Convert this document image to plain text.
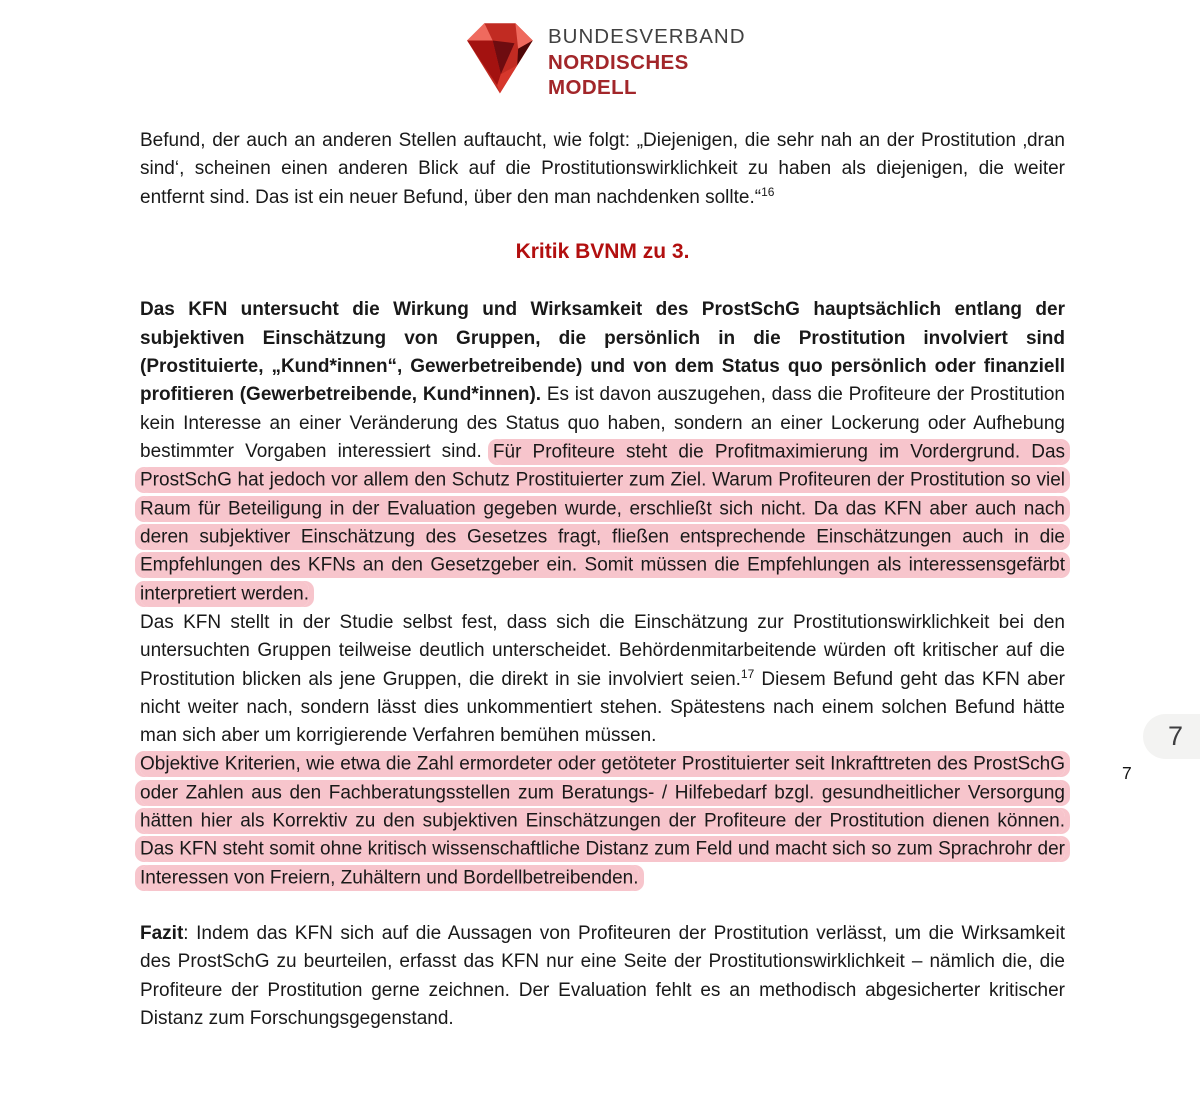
BUNDESVERBAND
NORDISCHES
MODELL

Befund, der auch an anderen Stellen auftaucht, wie folgt: „Diejenigen, die sehr nah an der Prostitution ‚dran sind‘, scheinen einen anderen Blick auf die Prostitutionswirklichkeit zu haben als diejenigen, die weiter entfernt sind. Das ist ein neuer Befund, über den man nachdenken sollte.“$^{16}$

Kritik BVNM zu 3.

Das KFN untersucht die Wirkung und Wirksamkeit des ProstSchG hauptsächlich entlang der subjektiven Einschätzung von Gruppen, die persönlich in die Prostitution involviert sind (Prostituierte, „Kund*innen“, Gewerbetreibende) und von dem Status quo persönlich oder finanziell profitieren (Gewerbetreibende, Kund*innen). Es ist davon auszugehen, dass die Profiteure der Prostitution kein Interesse an einer Veränderung des Status quo haben, sondern an einer Lockerung oder Aufhebung bestimmter Vorgaben interessiert sind. Für Profiteure steht die Profitmaximierung im Vordergrund. Das ProstSchG hat jedoch vor allem den Schutz Prostituierter zum Ziel. Warum Profiteuren der Prostitution so viel Raum für Beteiligung in der Evaluation gegeben wurde, erschließt sich nicht. Da das KFN aber auch nach deren subjektiver Einschätzung des Gesetzes fragt, fließen entsprechende Einschätzungen auch in die Empfehlungen des KFNs an den Gesetzgeber ein. Somit müssen die Empfehlungen als interessensgefärbt interpretiert werden.

Das KFN stellt in der Studie selbst fest, dass sich die Einschätzung zur Prostitutionswirklichkeit bei den untersuchten Gruppen teilweise deutlich unterscheidet. Behördenmitarbeitende würden oft kritischer auf die Prostitution blicken als jene Gruppen, die direkt in sie involviert seien.$^{17}$ Diesem Befund geht das KFN aber nicht weiter nach, sondern lässt dies unkommentiert stehen. Spätestens nach einem solchen Befund hätte man sich aber um korrigierende Verfahren bemühen müssen.

Objektive Kriterien, wie etwa die Zahl ermordeter oder getöteter Prostituierter seit Inkrafttreten des ProstSchG oder Zahlen aus den Fachberatungsstellen zum Beratungs- / Hilfebedarf bzgl. gesundheitlicher Versorgung hätten hier als Korrektiv zu den subjektiven Einschätzungen der Profiteure der Prostitution dienen können. Das KFN steht somit ohne kritisch wissenschaftliche Distanz zum Feld und macht sich so zum Sprachrohr der Interessen von Freiern, Zuhältern und Bordellbetreibenden.

Fazit: Indem das KFN sich auf die Aussagen von Profiteuren der Prostitution verlässt, um die Wirksamkeit des ProstSchG zu beurteilen, erfasst das KFN nur eine Seite der Prostitutionswirklichkeit – nämlich die, die Profiteure der Prostitution gerne zeichnen. Der Evaluation fehlt es an methodisch abgesicherter kritischer Distanz zum Forschungsgegenstand.

7
7
